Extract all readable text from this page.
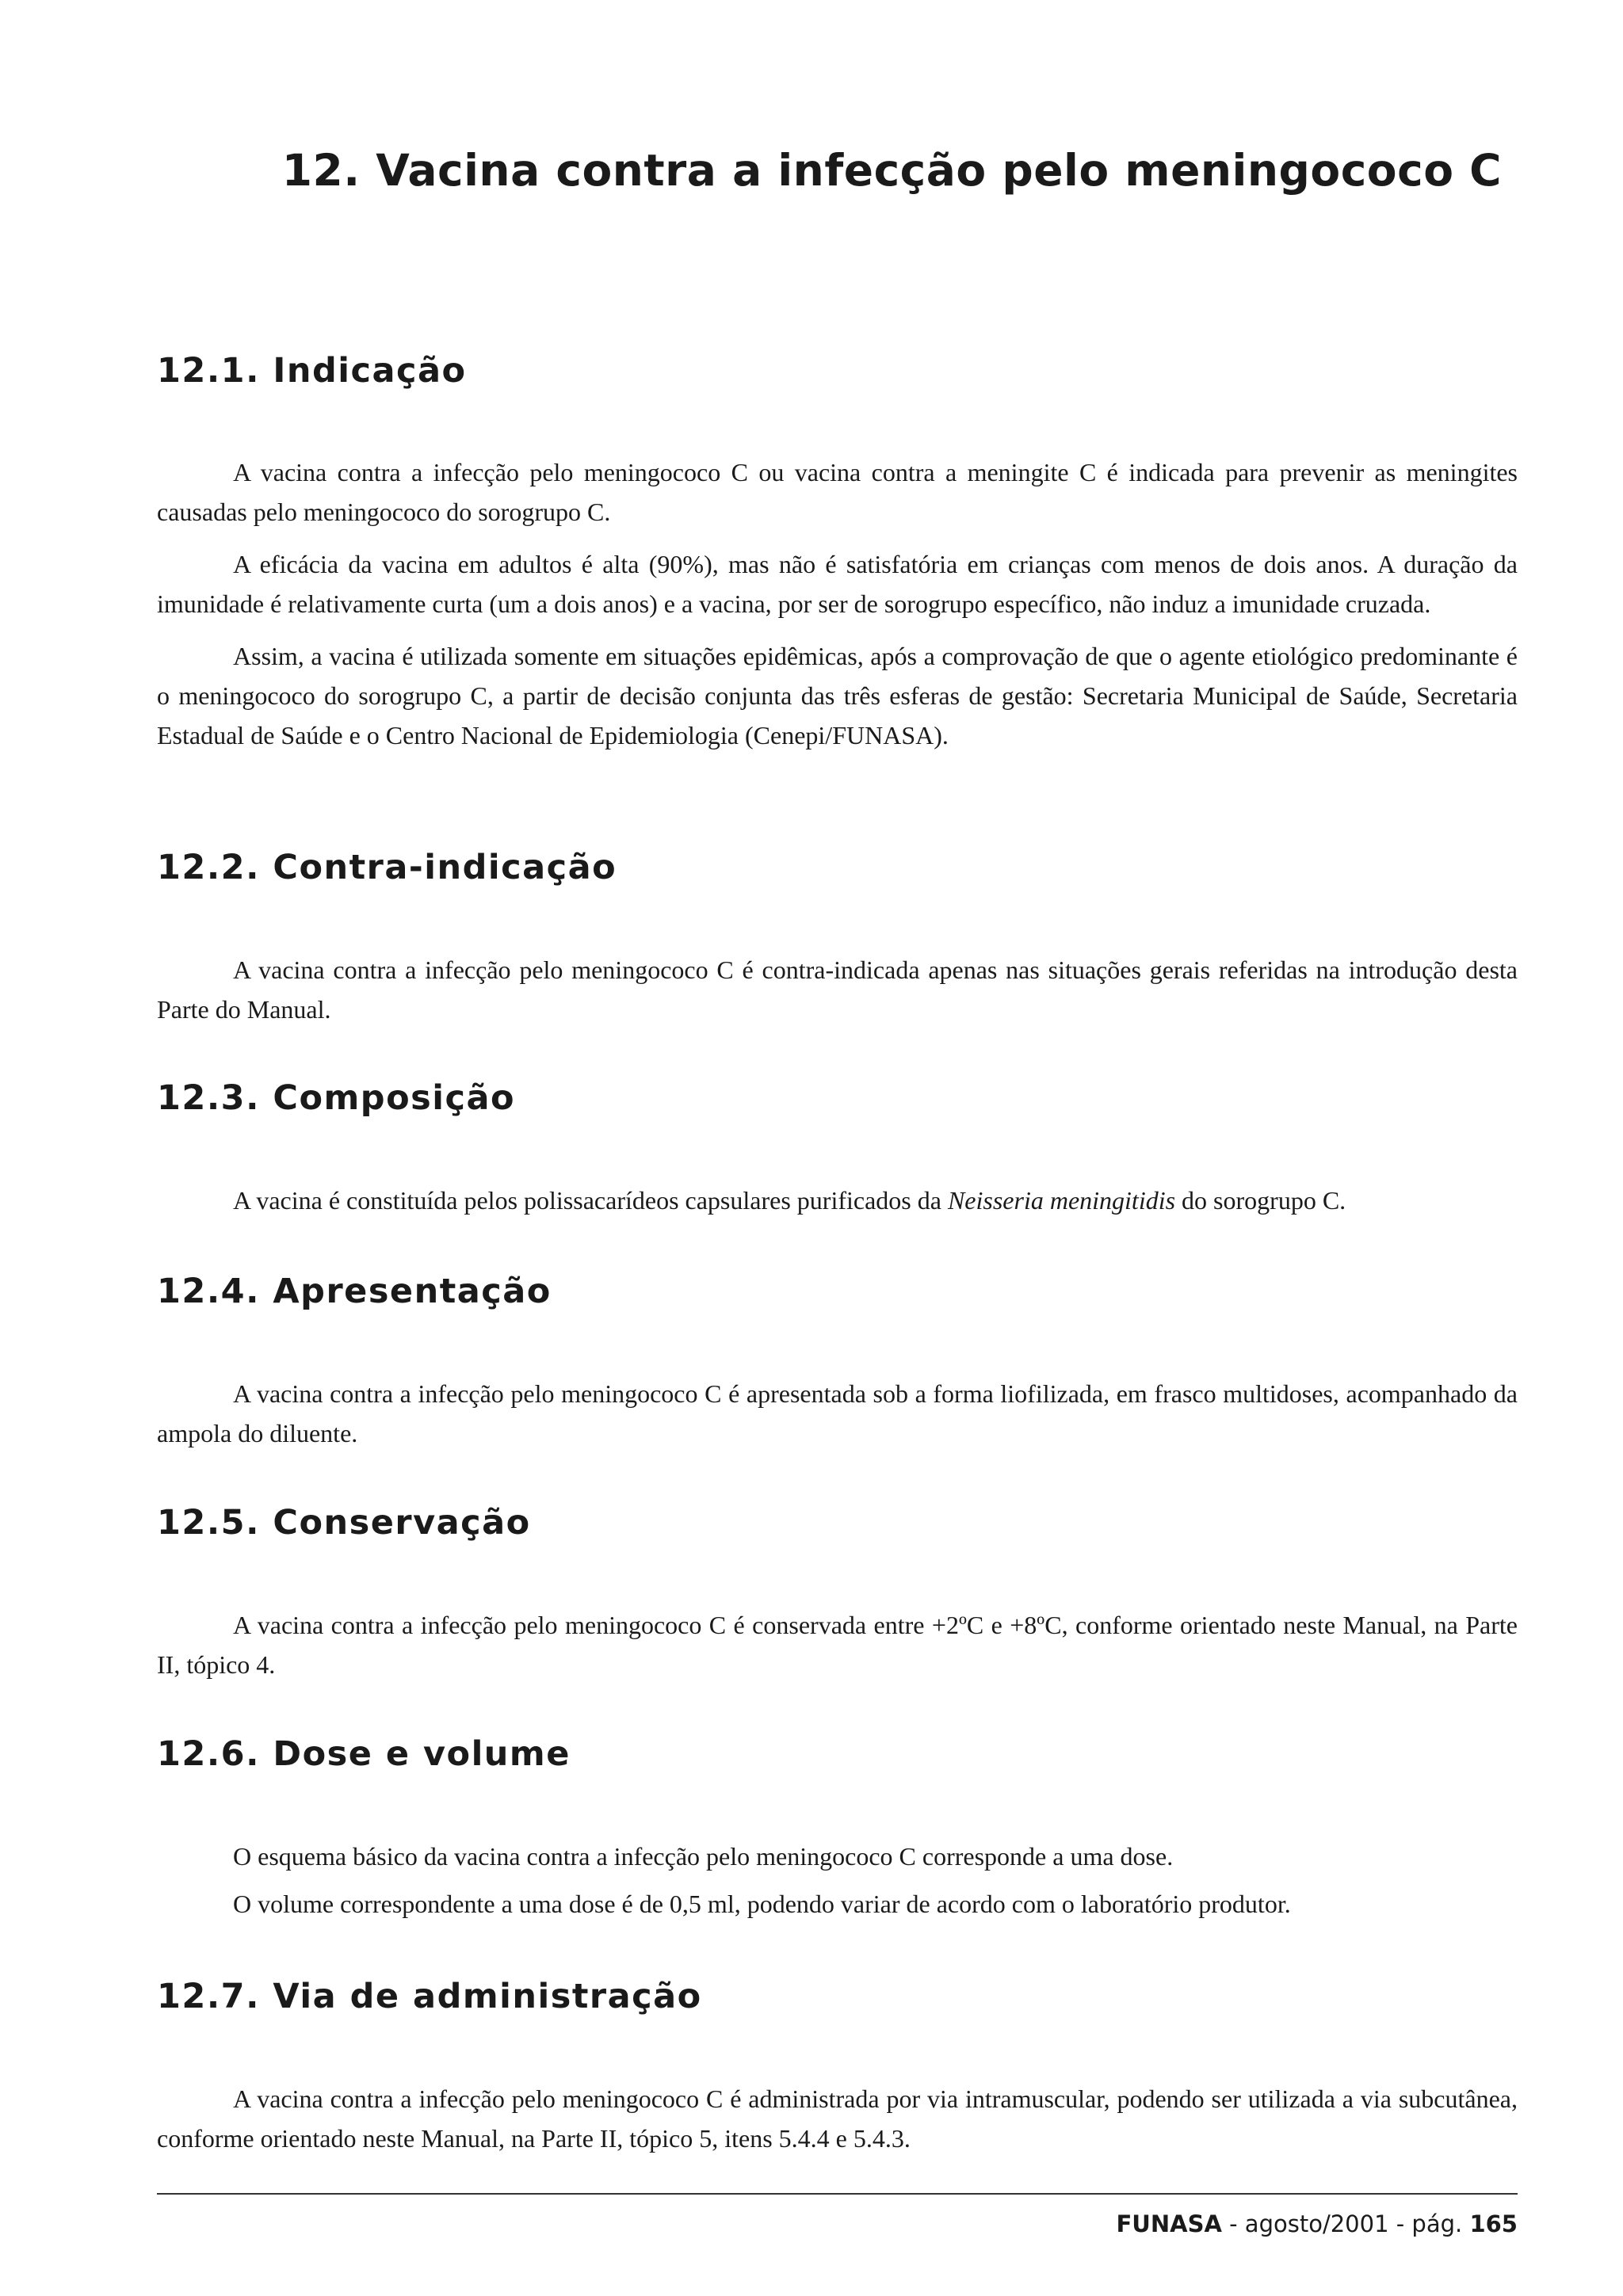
12. Vacina contra a infecção pelo meningococo C
12.1. Indicação

A vacina contra a infecção pelo meningococo C ou vacina contra a meningite C é indicada para prevenir as meningites causadas pelo meningococo do sorogrupo C.

A eficácia da vacina em adultos é alta (90%), mas não é satisfatória em crianças com menos de dois anos. A duração da imunidade é relativamente curta (um a dois anos) e a vacina, por ser de sorogrupo específico, não induz a imunidade cruzada.

Assim, a vacina é utilizada somente em situações epidêmicas, após a comprovação de que o agente etiológico predominante é o meningococo do sorogrupo C, a partir de decisão conjunta das três esferas de gestão: Secretaria Municipal de Saúde, Secretaria Estadual de Saúde e o Centro Nacional de Epidemiologia (Cenepi/FUNASA).

12.2. Contra-indicação

A vacina contra a infecção pelo meningococo C é contra-indicada apenas nas situações gerais referidas na introdução desta Parte do Manual.

12.3. Composição

A vacina é constituída pelos polissacarídeos capsulares purificados da Neisseria meningitidis do sorogrupo C.

12.4. Apresentação

A vacina contra a infecção pelo meningococo C é apresentada sob a forma liofilizada, em frasco multidoses, acompanhado da ampola do diluente.

12.5. Conservação

A vacina contra a infecção pelo meningococo C é conservada entre +2ºC e +8ºC, conforme orientado neste Manual, na Parte II, tópico 4.

12.6. Dose e volume

O esquema básico da vacina contra a infecção pelo meningococo C corresponde a uma dose.

O volume correspondente a uma dose é de 0,5 ml, podendo variar de acordo com o laboratório produtor.

12.7. Via de administração

A vacina contra a infecção pelo meningococo C é administrada por via intramuscular, podendo ser utilizada a via subcutânea, conforme orientado neste Manual, na Parte II, tópico 5, itens 5.4.4 e 5.4.3.

FUNASA - agosto/2001 - pág. 165
